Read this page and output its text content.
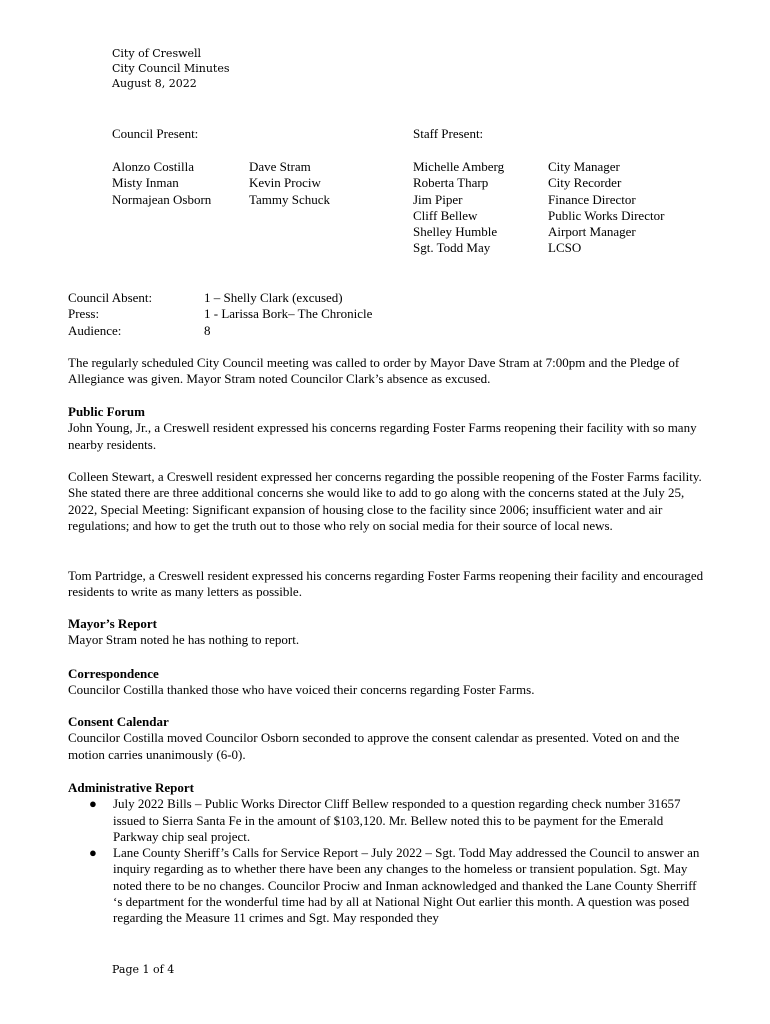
City of Creswell
City Council Minutes
August 8, 2022
Council Present:	Staff Present:
Alonzo Costilla
Misty Inman
Normajean Osborn
Dave Stram
Kevin Prociw
Tammy Schuck
Michelle Amberg
Roberta Tharp
Jim Piper
Cliff Bellew
Shelley Humble
Sgt. Todd May
City Manager
City Recorder
Finance Director
Public Works Director
Airport Manager
LCSO
Council Absent:
Press:
Audience:
1 – Shelly Clark (excused)
1 - Larissa Bork– The Chronicle
8
The regularly scheduled City Council meeting was called to order by Mayor Dave Stram at 7:00pm and the Pledge of Allegiance was given. Mayor Stram noted Councilor Clark’s absence as excused.
Public Forum

John Young, Jr., a Creswell resident expressed his concerns regarding Foster Farms reopening their facility with so many nearby residents.

Colleen Stewart, a Creswell resident expressed her concerns regarding the possible reopening of the Foster Farms facility. She stated there are three additional concerns she would like to add to go along with the concerns stated at the July 25, 2022, Special Meeting: Significant expansion of housing close to the facility since 2006; insufficient water and air regulations; and how to get the truth out to those who rely on social media for their source of local news.
Tom Partridge, a Creswell resident expressed his concerns regarding Foster Farms reopening their facility and encouraged residents to write as many letters as possible.
Mayor’s Report

Mayor Stram noted he has nothing to report.

Correspondence

Councilor Costilla thanked those who have voiced their concerns regarding Foster Farms.

Consent Calendar

Councilor Costilla moved Councilor Osborn seconded to approve the consent calendar as presented. Voted on and the motion carries unanimously (6-0).

Administrative Report
● July 2022 Bills – Public Works Director Cliff Bellew responded to a question regarding check number 31657 issued to Sierra Santa Fe in the amount of $103,120. Mr. Bellew noted this to be payment for the Emerald Parkway chip seal project.
● Lane County Sheriff’s Calls for Service Report – July 2022 – Sgt. Todd May addressed the Council to answer an inquiry regarding as to whether there have been any changes to the homeless or transient population. Sgt. May noted there to be no changes. Councilor Prociw and Inman acknowledged and thanked the Lane County Sherriff ‘s department for the wonderful time had by all at National Night Out earlier this month. A question was posed regarding the Measure 11 crimes and Sgt. May responded they
Page 1 of 4
